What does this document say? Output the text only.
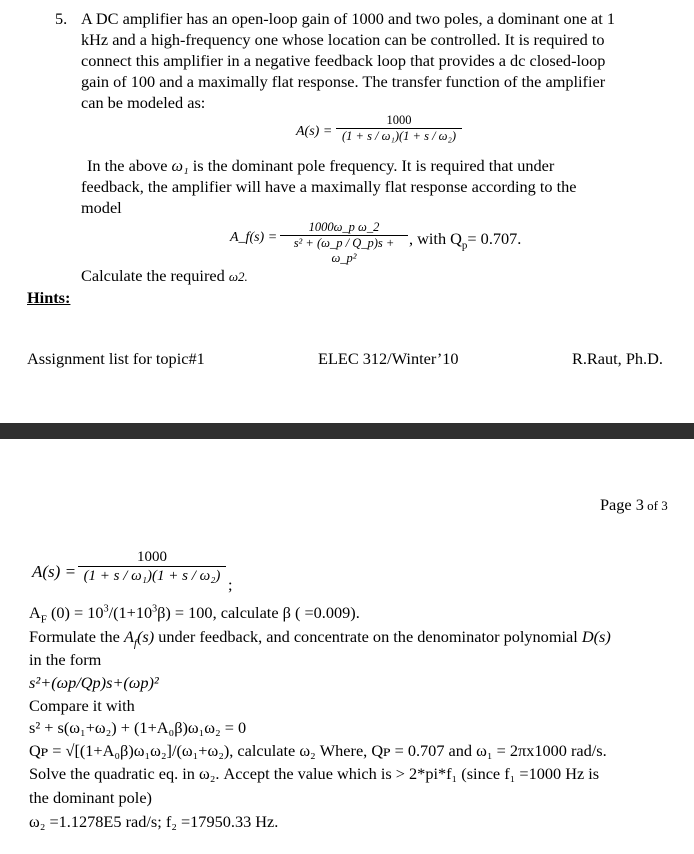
5. A DC amplifier has an open-loop gain of 1000 and two poles, a dominant one at 1
kHz and a high-frequency one whose location can be controlled. It is required to
connect this amplifier in a negative feedback loop that provides a dc closed-loop
gain of 100 and a maximally flat response. The transfer function of the amplifier
can be modeled as:
A(s) =
1000
(1 + s / ω₁)(1 + s / ω₂)
In the above ω₁ is the dominant pole frequency. It is required that under
feedback, the amplifier will have a maximally flat response according to the
model
A_f(s) =
1000ω_p ω_2
s² + (ω_p / Q_p)s + ω_p²
, with $Q_p= 0.707$.
Calculate the required ω2.
Hints:
Assignment list for topic#1	ELEC 312/Winter’10	R.Raut, Ph.D.
Page 3 of 3
A(s) =
1000
(1 + s / ω₁)(1 + s / ω₂) ;
$A_F$ $(0) = 10^3/(1+10^3\beta) = 100$, calculate β ( =0.009).
Formulate the $A_f(s)$ under feedback, and concentrate on the denominator polynomial D(s)
in the form
s²+(ωp/Qp)s+(ωp)²
Compare it with
s² + s(ω₁+ω₂) + (1+A₀β)ω₁ω₂ = 0
Qᴘ = √[(1+A₀β)ω₁ω₂]/(ω₁+ω₂), calculate ω₂ Where, Qᴘ = 0.707 and ω₁ = 2πx1000 rad/s.
Solve the quadratic eq. in ω₂. Accept the value which is > 2*pi*f₁ (since f₁ =1000 Hz is
the dominant pole)
ω₂ =1.1278E5 rad/s; f₂ =17950.33 Hz.
